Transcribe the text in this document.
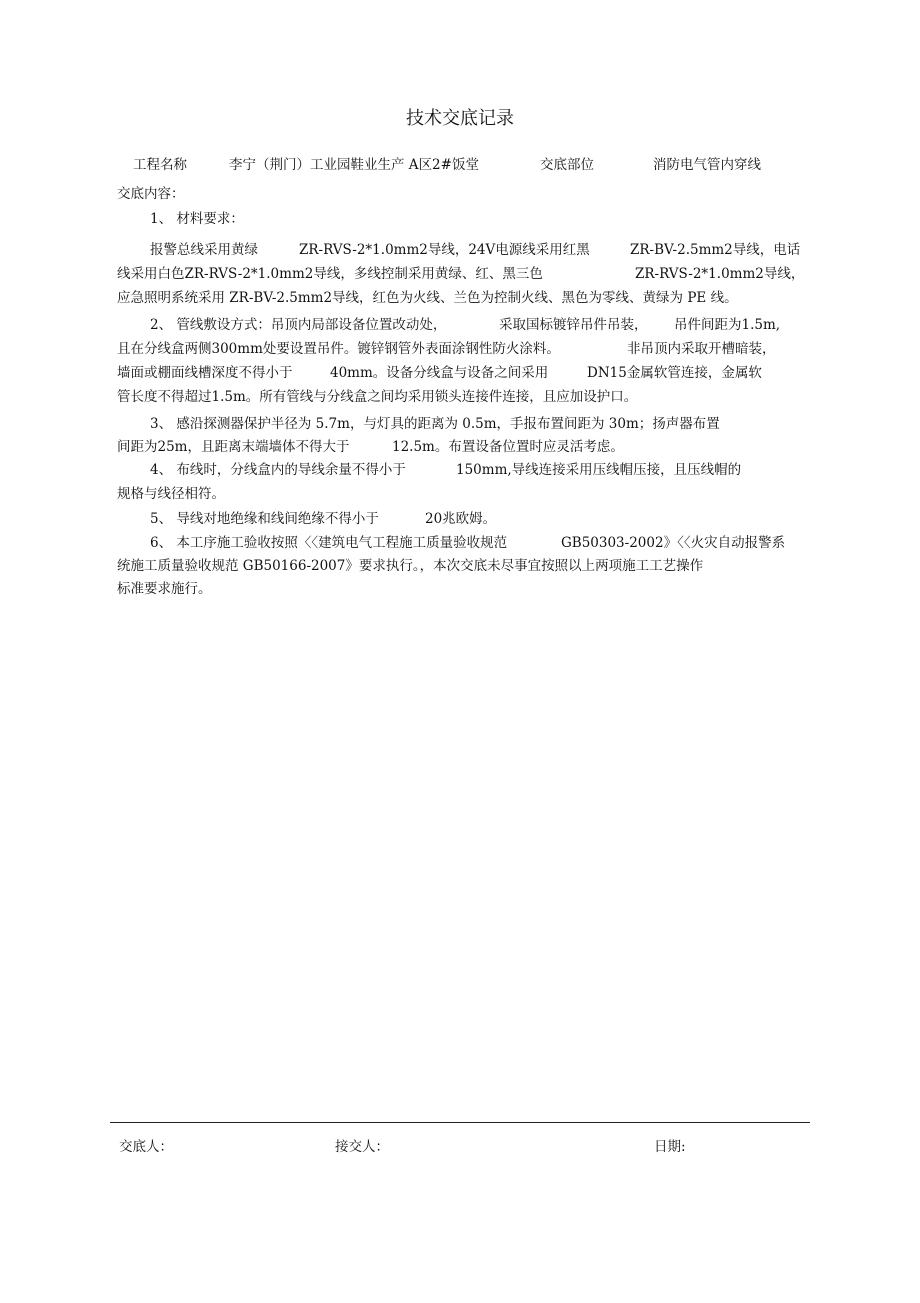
技术交底记录
工程名称	李宁（荆门）工业园鞋业生产 A区2#饭堂	交底部位	消防电气管内穿线
交底内容：
1、 材料要求：
报警总线采用黄绿	ZR-RVS-2*1.0mm2导线，24V电源线采用红黑	ZR-BV-2.5mm2导线，电话
线采用白色ZR-RVS-2*1.0mm2导线，多线控制采用黄绿、红、黑三色	ZR-RVS-2*1.0mm2导线，
应急照明系统采用 ZR-BV-2.5mm2导线，红色为火线、兰色为控制火线、黑色为零线、黄绿为 PE 线。
2、 管线敷设方式：吊顶内局部设备位置改动处，	采取国标镀锌吊件吊装， 吊件间距为1.5m,
且在分线盒两侧300mm处要设置吊件。镀锌钢管外表面涂钢性防火涂料。	非吊顶内采取开槽暗装，
墙面或棚面线槽深度不得小于	40mm。设备分线盒与设备之间采用	DN15金属软管连接，金属软
管长度不得超过1.5m。所有管线与分线盒之间均采用锁头连接件连接，且应加设护口。
3、 感沿探测器保护半径为 5.7m，与灯具的距离为 0.5m，手报布置间距为 30m；扬声器布置
间距为25m，且距离末端墙体不得大于	12.5m。布置设备位置时应灵活考虑。
4、 布线时，分线盒内的导线余量不得小于	150mm,导线连接采用压线帽压接，且压线帽的
规格与线径相符。
5、 导线对地绝缘和线间绝缘不得小于	20兆欧姆。
6、 本工序施工验收按照〈〈建筑电气工程施工质量验收规范	GB50303-2002》〈〈火灾自动报警系
统施工质量验收规范 GB50166-2007》要求执行。，本次交底未尽事宜按照以上两项施工工艺操作
标准要求施行。
交底人：	接交人：	日期:
